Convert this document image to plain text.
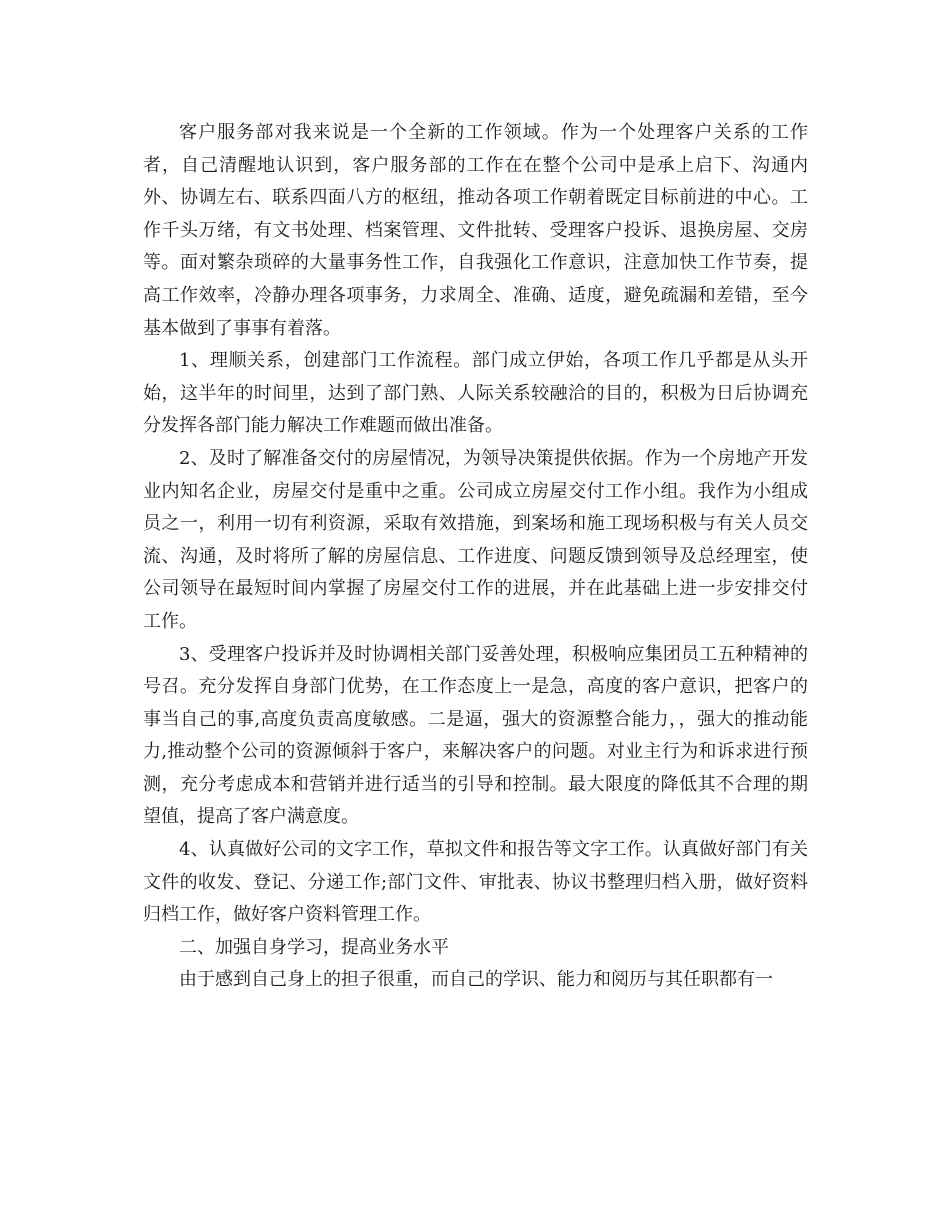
客户服务部对我来说是一个全新的工作领域。作为一个处理客户关系的工作者，自己清醒地认识到，客户服务部的工作在在整个公司中是承上启下、沟通内外、协调左右、联系四面八方的枢纽，推动各项工作朝着既定目标前进的中心。工作千头万绪，有文书处理、档案管理、文件批转、受理客户投诉、退换房屋、交房等。面对繁杂琐碎的大量事务性工作，自我强化工作意识，注意加快工作节奏，提高工作效率，冷静办理各项事务，力求周全、准确、适度，避免疏漏和差错，至今基本做到了事事有着落。

1、理顺关系，创建部门工作流程。部门成立伊始，各项工作几乎都是从头开始，这半年的时间里，达到了部门熟、人际关系较融洽的目的，积极为日后协调充分发挥各部门能力解决工作难题而做出准备。

2、及时了解准备交付的房屋情况，为领导决策提供依据。作为一个房地产开发业内知名企业，房屋交付是重中之重。公司成立房屋交付工作小组。我作为小组成员之一，利用一切有利资源，采取有效措施，到案场和施工现场积极与有关人员交流、沟通，及时将所了解的房屋信息、工作进度、问题反馈到领导及总经理室，使公司领导在最短时间内掌握了房屋交付工作的进展，并在此基础上进一步安排交付工作。

3、受理客户投诉并及时协调相关部门妥善处理，积极响应集团员工五种精神的号召。充分发挥自身部门优势，在工作态度上一是急，高度的客户意识，把客户的事当自己的事,高度负责高度敏感。二是逼，强大的资源整合能力，，强大的推动能力,推动整个公司的资源倾斜于客户，来解决客户的问题。对业主行为和诉求进行预测，充分考虑成本和营销并进行适当的引导和控制。最大限度的降低其不合理的期望值，提高了客户满意度。

4、认真做好公司的文字工作，草拟文件和报告等文字工作。认真做好部门有关文件的收发、登记、分递工作;部门文件、审批表、协议书整理归档入册，做好资料归档工作，做好客户资料管理工作。

二、加强自身学习，提高业务水平

由于感到自己身上的担子很重，而自己的学识、能力和阅历与其任职都有一
